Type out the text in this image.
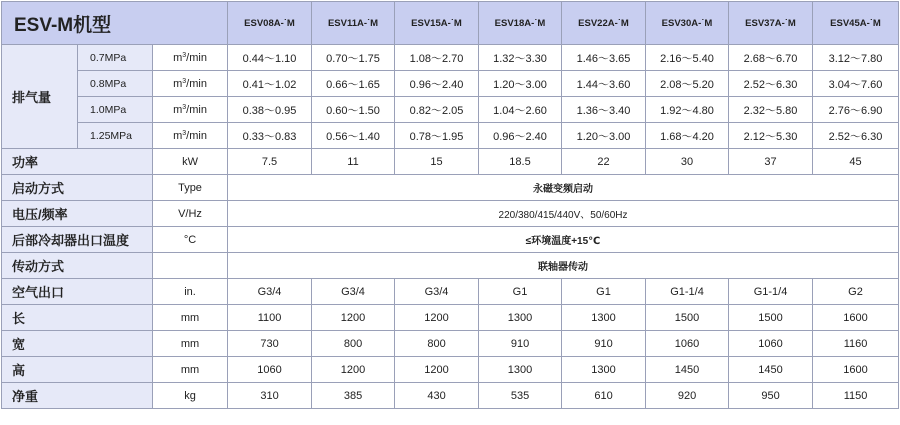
ESV-M机型			ESV08A-˙M	ESV11A-˙M	ESV15A-˙M	ESV18A-˙M	ESV22A-˙M	ESV30A-˙M	ESV37A-˙M	ESV45A-˙M
排气量	0.7MPa	$m^3/\min$	0.44～1.10	0.70～1.75	1.08～2.70	1.32～3.30	1.46～3.65	2.16～5.40	2.68～6.70	3.12～7.80
	0.8MPa	$m^3/\min$	0.41～1.02	0.66～1.65	0.96～2.40	1.20～3.00	1.44～3.60	2.08～5.20	2.52～6.30	3.04～7.60
	1.0MPa	$m^3/\min$	0.38～0.95	0.60～1.50	0.82～2.05	1.04～2.60	1.36～3.40	1.92～4.80	2.32～5.80	2.76～6.90
	1.25MPa	$m^3/\min$	0.33～0.83	0.56～1.40	0.78～1.95	0.96～2.40	1.20～3.00	1.68～4.20	2.12～5.30	2.52～6.30
功率		kW	7.5	11	15	18.5	22	30	37	45
启动方式		Type	永磁变频启动							
电压/频率		V/Hz	220/380/415/440V、50/60Hz							
后部冷却器出口温度		°C	≤环境温度+15℃							
传动方式			联轴器传动							
空气出口		in.	G3/4	G3/4	G3/4	G1	G1	G1-1/4	G1-1/4	G2
长		mm	1100	1200	1200	1300	1300	1500	1500	1600
宽		mm	730	800	800	910	910	1060	1060	1160
高		mm	1060	1200	1200	1300	1300	1450	1450	1600
净重		kg	310	385	430	535	610	920	950	1150
